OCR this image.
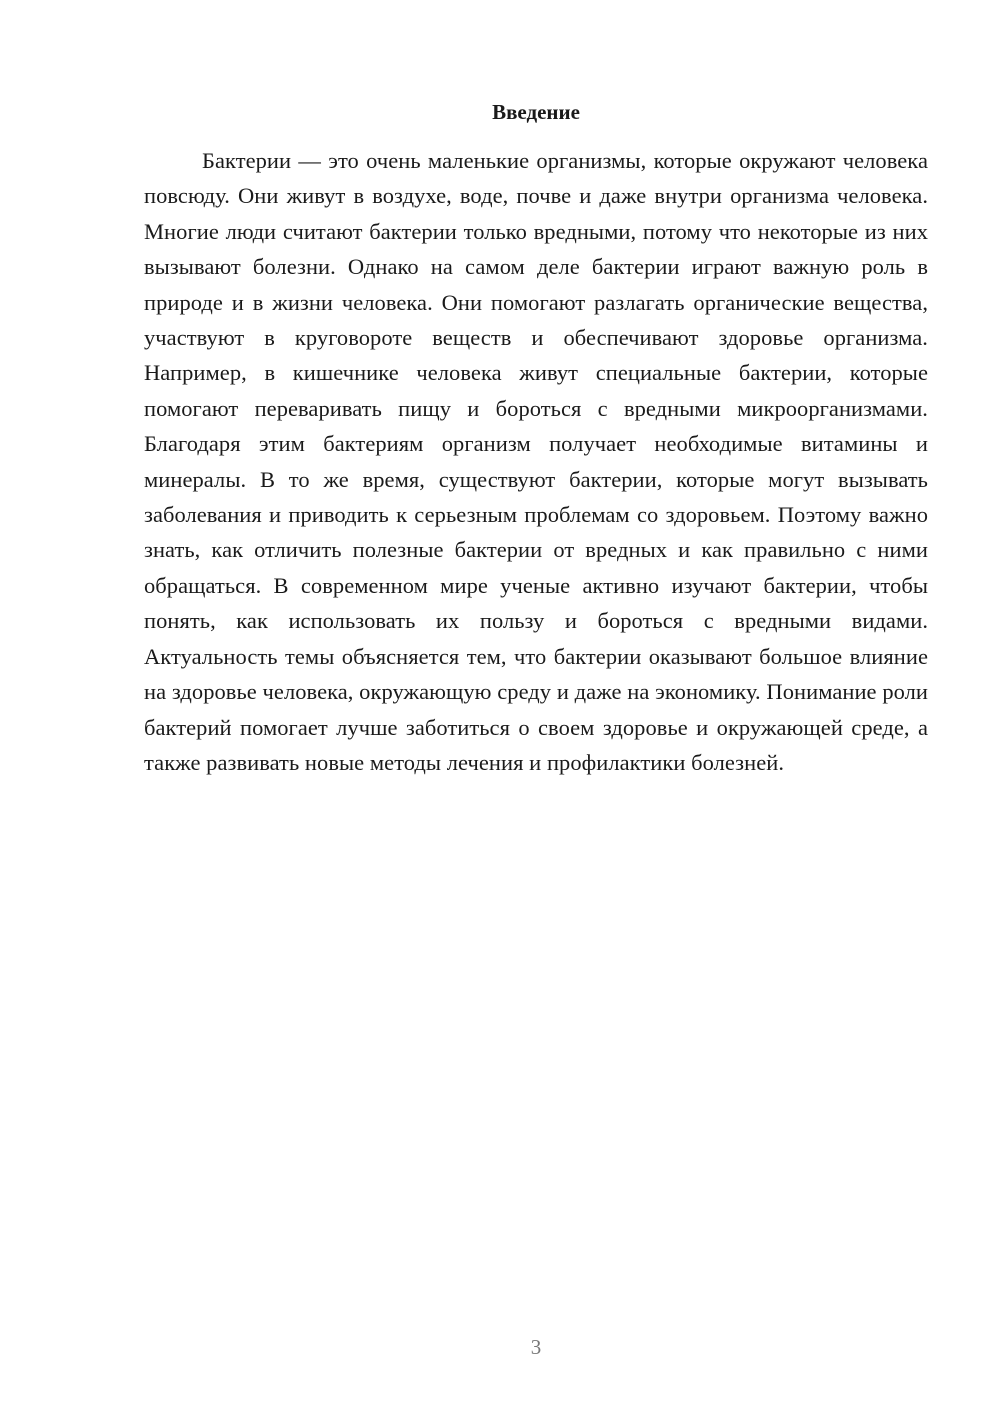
Введение

Бактерии — это очень маленькие организмы, которые окружают человека повсюду. Они живут в воздухе, воде, почве и даже внутри организма человека. Многие люди считают бактерии только вредными, потому что некоторые из них вызывают болезни. Однако на самом деле бактерии играют важную роль в природе и в жизни человека. Они помогают разлагать органические вещества, участвуют в круговороте веществ и обеспечивают здоровье организма. Например, в кишечнике человека живут специальные бактерии, которые помогают переваривать пищу и бороться с вредными микроорганизмами. Благодаря этим бактериям организм получает необходимые витамины и минералы. В то же время, существуют бактерии, которые могут вызывать заболевания и приводить к серьезным проблемам со здоровьем. Поэтому важно знать, как отличить полезные бактерии от вредных и как правильно с ними обращаться. В современном мире ученые активно изучают бактерии, чтобы понять, как использовать их пользу и бороться с вредными видами. Актуальность темы объясняется тем, что бактерии оказывают большое влияние на здоровье человека, окружающую среду и даже на экономику. Понимание роли бактерий помогает лучше заботиться о своем здоровье и окружающей среде, а также развивать новые методы лечения и профилактики болезней.

3
